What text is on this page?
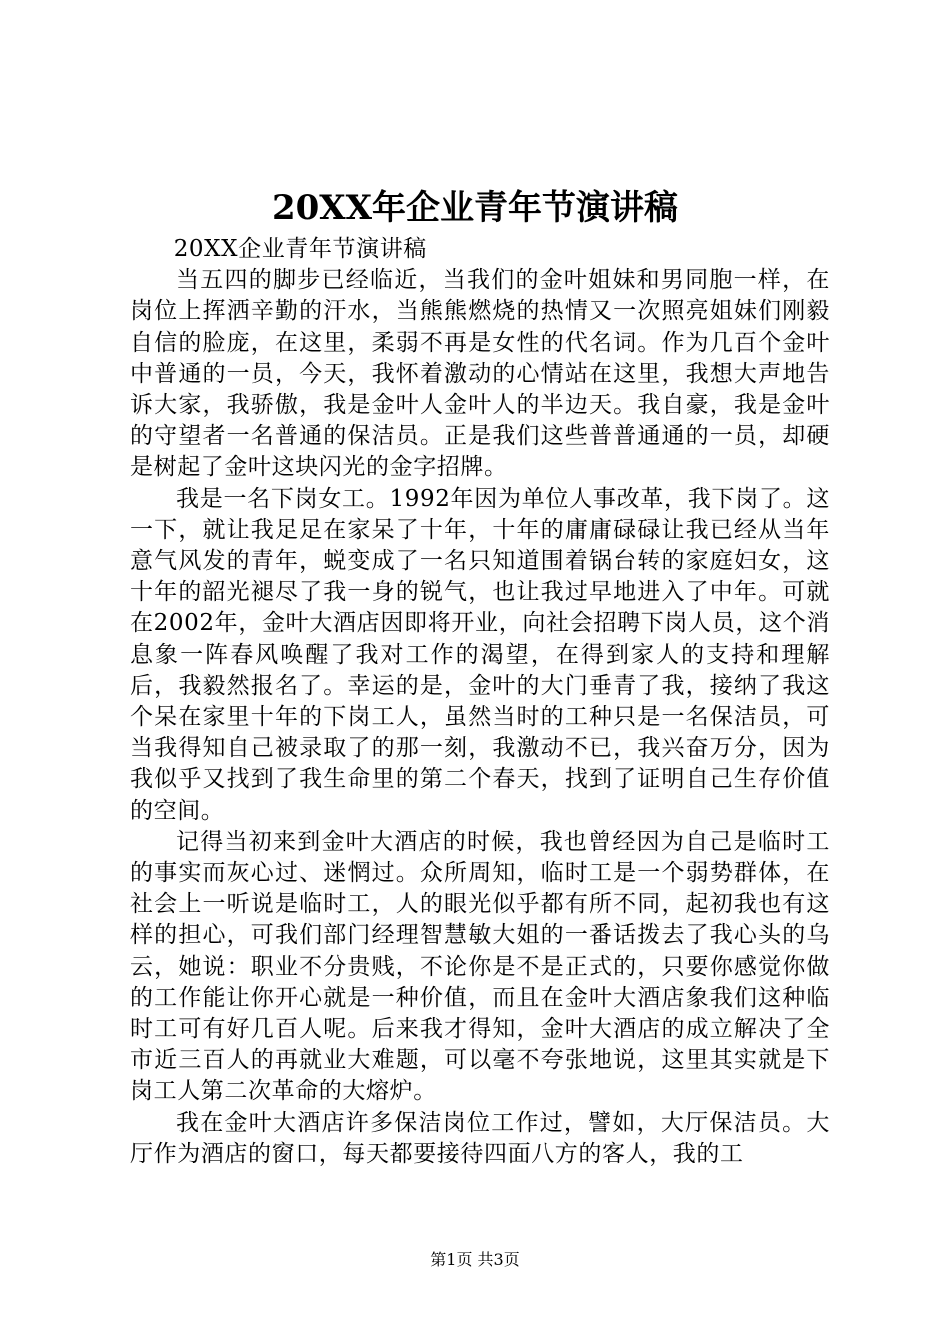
20XX年企业青年节演讲稿

20XX企业青年节演讲稿

当五四的脚步已经临近，当我们的金叶姐妹和男同胞一样，在岗位上挥洒辛勤的汗水，当熊熊燃烧的热情又一次照亮姐妹们刚毅自信的脸庞，在这里，柔弱不再是女性的代名词。作为几百个金叶中普通的一员，今天，我怀着激动的心情站在这里，我想大声地告诉大家，我骄傲，我是金叶人金叶人的半边天。我自豪，我是金叶的守望者一名普通的保洁员。正是我们这些普普通通的一员，却硬是树起了金叶这块闪光的金字招牌。

我是一名下岗女工。1992年因为单位人事改革，我下岗了。这一下，就让我足足在家呆了十年，十年的庸庸碌碌让我已经从当年意气风发的青年，蜕变成了一名只知道围着锅台转的家庭妇女，这十年的韶光褪尽了我一身的锐气，也让我过早地进入了中年。可就在2002年，金叶大酒店因即将开业，向社会招聘下岗人员，这个消息象一阵春风唤醒了我对工作的渴望，在得到家人的支持和理解后，我毅然报名了。幸运的是，金叶的大门垂青了我，接纳了我这个呆在家里十年的下岗工人，虽然当时的工种只是一名保洁员，可当我得知自己被录取了的那一刻，我激动不已，我兴奋万分，因为我似乎又找到了我生命里的第二个春天，找到了证明自己生存价值的空间。

记得当初来到金叶大酒店的时候，我也曾经因为自己是临时工的事实而灰心过、迷惘过。众所周知，临时工是一个弱势群体，在社会上一听说是临时工，人的眼光似乎都有所不同，起初我也有这样的担心，可我们部门经理智慧敏大姐的一番话拨去了我心头的乌云，她说：职业不分贵贱，不论你是不是正式的，只要你感觉你做的工作能让你开心就是一种价值，而且在金叶大酒店象我们这种临时工可有好几百人呢。后来我才得知，金叶大酒店的成立解决了全市近三百人的再就业大难题，可以毫不夸张地说，这里其实就是下岗工人第二次革命的大熔炉。

我在金叶大酒店许多保洁岗位工作过，譬如，大厅保洁员。大厅作为酒店的窗口，每天都要接待四面八方的客人，我的工

第1页 共3页
